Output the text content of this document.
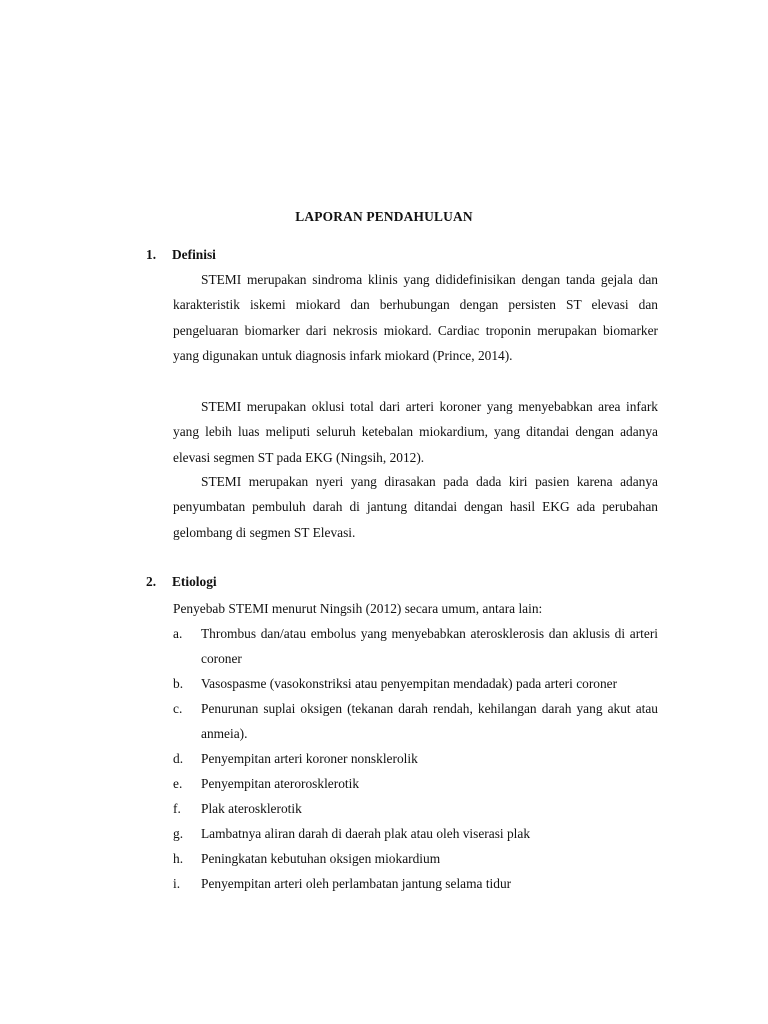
LAPORAN PENDAHULUAN
1. Definisi

STEMI merupakan sindroma klinis yang dididefinisikan dengan tanda gejala dan karakteristik iskemi miokard dan berhubungan dengan persisten ST elevasi dan pengeluaran biomarker dari nekrosis miokard. Cardiac troponin merupakan biomarker yang digunakan untuk diagnosis infark miokard (Prince, 2014).

STEMI merupakan oklusi total dari arteri koroner yang menyebabkan area infark yang lebih luas meliputi seluruh ketebalan miokardium, yang ditandai dengan adanya elevasi segmen ST pada EKG (Ningsih, 2012).

STEMI merupakan nyeri yang dirasakan pada dada kiri pasien karena adanya penyumbatan pembuluh darah di jantung ditandai dengan hasil EKG ada perubahan gelombang di segmen ST Elevasi.

2. Etiologi

Penyebab STEMI menurut Ningsih (2012) secara umum, antara lain:

a. Thrombus dan/atau embolus yang menyebabkan aterosklerosis dan aklusis di arteri coroner
b. Vasospasme (vasokonstriksi atau penyempitan mendadak) pada arteri coroner
c. Penurunan suplai oksigen (tekanan darah rendah, kehilangan darah yang akut atau anmeia).
d. Penyempitan arteri koroner nonsklerolik
e. Penyempitan aterorosklerotik
f. Plak aterosklerotik
g. Lambatnya aliran darah di daerah plak atau oleh viserasi plak
h. Peningkatan kebutuhan oksigen miokardium
i. Penyempitan arteri oleh perlambatan jantung selama tidur
